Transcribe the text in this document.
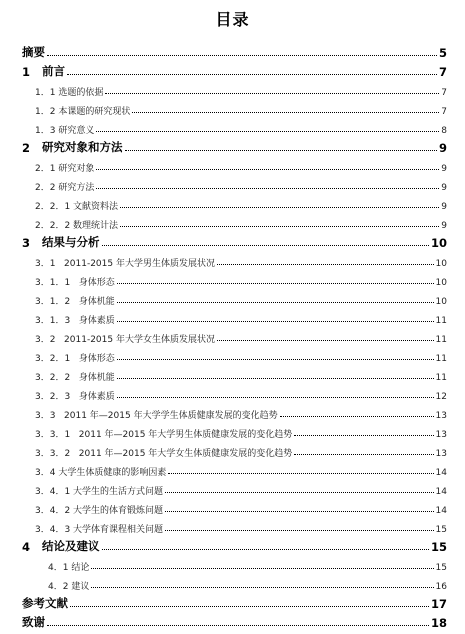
目录
摘要	5
1 前言	7
1．1 选题的依据	7
1．2 本课题的研究现状	7
1．3 研究意义	8
2 研究对象和方法	9
2．1 研究对象	9
2．2 研究方法	9
2．2．1 文献资料法	9
2．2．2 数理统计法	9
3 结果与分析	10
3．1 2011-2015 年大学男生体质发展状况	10
3．1．1 身体形态	10
3．1．2 身体机能	10
3．1．3 身体素质	11
3．2 2011-2015 年大学女生体质发展状况	11
3．2．1 身体形态	11
3．2．2 身体机能	11
3．2．3 身体素质	12
3．3 2011 年—2015 年大学学生体质健康发展的变化趋势	13
3．3．1 2011 年—2015 年大学男生体质健康发展的变化趋势	13
3．3．2 2011 年—2015 年大学女生体质健康发展的变化趋势	13
3．4 大学生体质健康的影响因素	14
3．4．1 大学生的生活方式问题	14
3．4．2 大学生的体育锻炼问题	14
3．4．3 大学体育课程相关问题	15
4 结论及建议	15
4．1 结论	15
4．2 建议	16
参考文献	17
致谢	18
